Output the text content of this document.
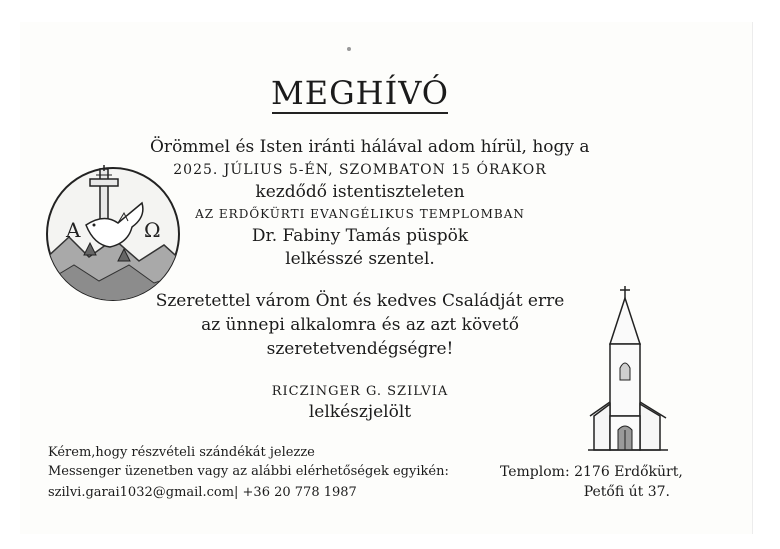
MEGHÍVÓ
Örömmel és Isten iránti hálával adom hírül, hogy a
2025. JÚLIUS 5-ÉN, SZOMBATON 15 ÓRAKOR
kezdődő istentiszteleten
AZ ERDŐKÜRTI EVANGÉLIKUS TEMPLOMBAN
Dr. Fabiny Tamás püspök
lelkésszé szentel.
Szeretettel várom Önt és kedves Családját erre
az ünnepi alkalomra és az azt követő
szeretetvendégségre!
RICZINGER G. SZILVIA
lelkészjelölt
Kérem,hogy részvételi szándékát jelezze
Messenger üzenetben vagy az alábbi elérhetőségek egyikén:
szilvi.garai1032@gmail.com| +36 20 778 1987
Templom: 2176 Erdőkürt,
Petőfi út 37.
A	Ω
